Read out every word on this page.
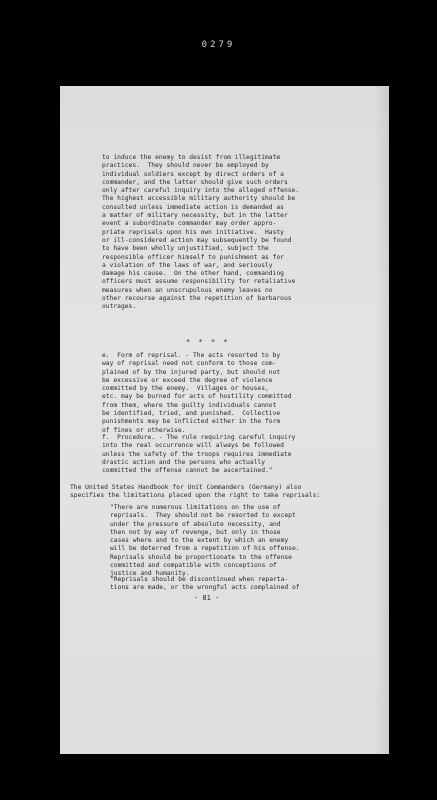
0279
to induce the enemy to desist from illegitimate
practices.  They should never be employed by
individual soldiers except by direct orders of a
commander, and the latter should give such orders
only after careful inquiry into the alleged offense.
The highest accessible military authority should be
consulted unless immediate action is demanded as
a matter of military necessity, but in the latter
event a subordinate commander may order appro-
priate reprisals upon his own initiative.  Hasty
or ill-considered action may subsequently be found
to have been wholly unjustified, subject the
responsible officer himself to punishment as for
a violation of the laws of war, and seriously
damage his cause.  On the other hand, commanding
officers must assume responsibility for retaliative
measures when an unscrupulous enemy leaves no
other recourse against the repetition of barbarous
outrages.
* * * *
e.  Form of reprisal. - The acts resorted to by
way of reprisal need not conform to those com-
plained of by the injured party, but should not
be excessive or exceed the degree of violence
committed by the enemy.  Villages or houses,
etc. may be burned for acts of hostility committed
from them, where the guilty individuals cannot
be identified, tried, and punished.  Collective
punishments may be inflicted either in the form
of fines or otherwise.
f.  Procedure. - The rule requiring careful inquiry
into the real occurrence will always be followed
unless the safety of the troops requires immediate
drastic action and the persons who actually
committed the offense cannot be ascertained."
The United States Handbook for Unit Commanders (Germany) also
specifies the limitations placed upon the right to take reprisals:
"There are numerous limitations on the use of
reprisals.  They should not be resorted to except
under the pressure of absolute necessity, and
then not by way of revenge, but only in those
cases where and to the extent by which an enemy
will be deterred from a repetition of his offense.
Reprisals should be proportionate to the offense
committed and compatible with conceptions of
justice and humanity.
"Reprisals should be discontinued when reparta-
tions are made, or the wrongful acts complained of
- 81 -
